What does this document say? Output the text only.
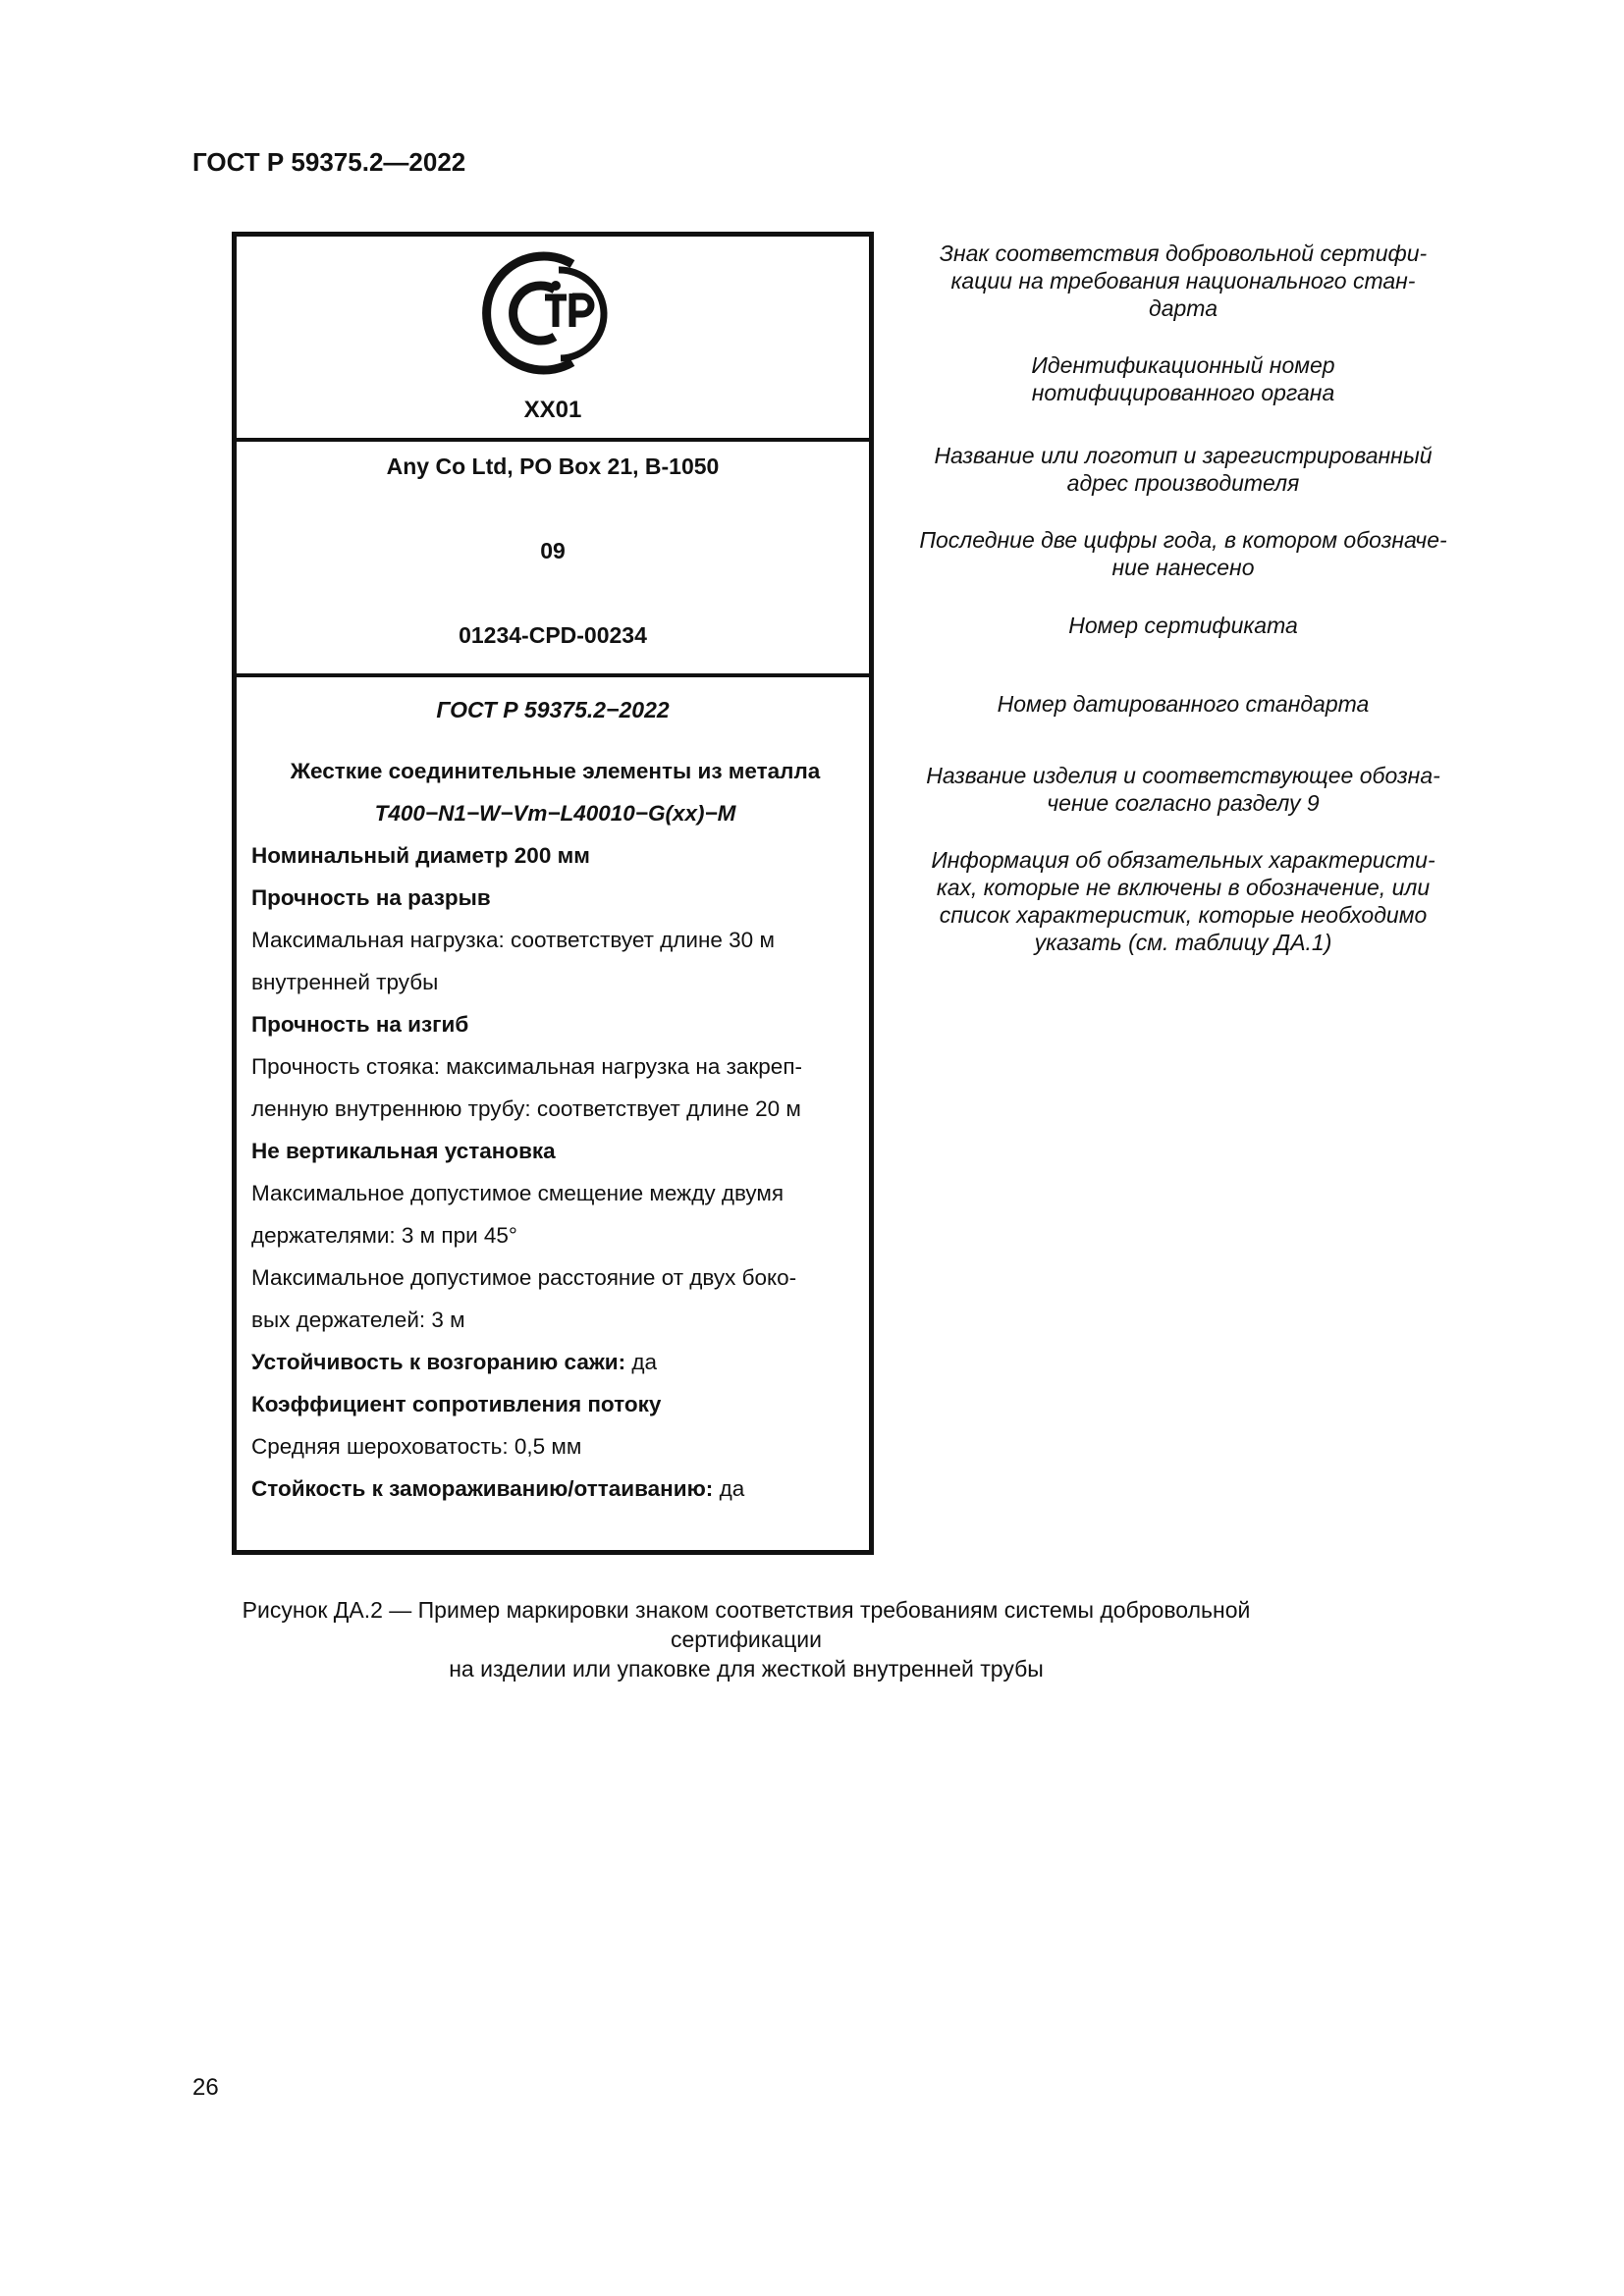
ГОСТ Р 59375.2—2022
XX01
Any Co Ltd, PO Box 21, B-1050
09
01234-CPD-00234
ГОСТ Р 59375.2−2022
Жесткие соединительные элементы из металла
Т400−N1−W−Vm−L40010−G(xx)−M
Номинальный диаметр 200 мм
Прочность на разрыв
Максимальная нагрузка: соответствует длине 30 м
внутренней трубы
Прочность на изгиб
Прочность стояка: максимальная нагрузка на закреп-
ленную внутреннюю трубу: соответствует длине 20 м
Не вертикальная установка
Максимальное допустимое смещение между двумя
держателями: 3 м при 45°
Максимальное допустимое расстояние от двух боко-
вых держателей: 3 м
Устойчивость к возгоранию сажи: да
Коэффициент сопротивления потоку
Средняя шероховатость: 0,5 мм
Стойкость к замораживанию/оттаиванию: да
Знак соответствия добровольной сертифи-
кации на требования национального стан-
дарта
Идентификационный номер
нотифицированного органа
Название или логотип и зарегистрированный
адрес производителя
Последние две цифры года, в котором обозначе-
ние нанесено
Номер сертификата
Номер датированного стандарта
Название изделия и соответствующее обозна-
чение согласно разделу 9
Информация об обязательных характеристи-
ках, которые не включены в обозначение, или
список характеристик, которые необходимо
указать (см. таблицу ДА.1)
Рисунок ДА.2 — Пример маркировки знаком соответствия требованиям системы добровольной сертификации
на изделии или упаковке для жесткой внутренней трубы
26
